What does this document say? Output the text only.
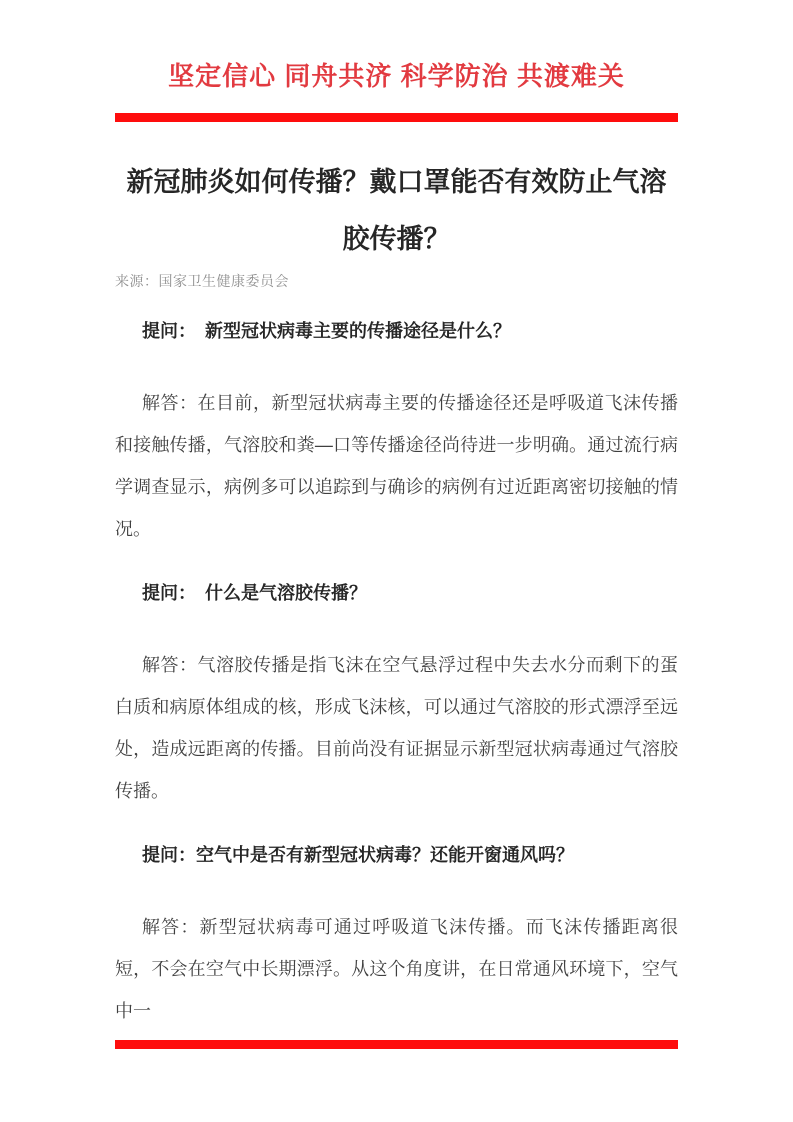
坚定信心 同舟共济 科学防治 共渡难关
新冠肺炎如何传播？戴口罩能否有效防止气溶胶传播？
来源：国家卫生健康委员会

提问：　新型冠状病毒主要的传播途径是什么？

解答：在目前，新型冠状病毒主要的传播途径还是呼吸道飞沫传播和接触传播，气溶胶和粪—口等传播途径尚待进一步明确。通过流行病学调查显示，病例多可以追踪到与确诊的病例有过近距离密切接触的情况。

提问：　什么是气溶胶传播？

解答：气溶胶传播是指飞沫在空气悬浮过程中失去水分而剩下的蛋白质和病原体组成的核，形成飞沫核，可以通过气溶胶的形式漂浮至远处，造成远距离的传播。目前尚没有证据显示新型冠状病毒通过气溶胶传播。

提问：空气中是否有新型冠状病毒？还能开窗通风吗？

解答：新型冠状病毒可通过呼吸道飞沫传播。而飞沫传播距离很短，不会在空气中长期漂浮。从这个角度讲，在日常通风环境下，空气中一
